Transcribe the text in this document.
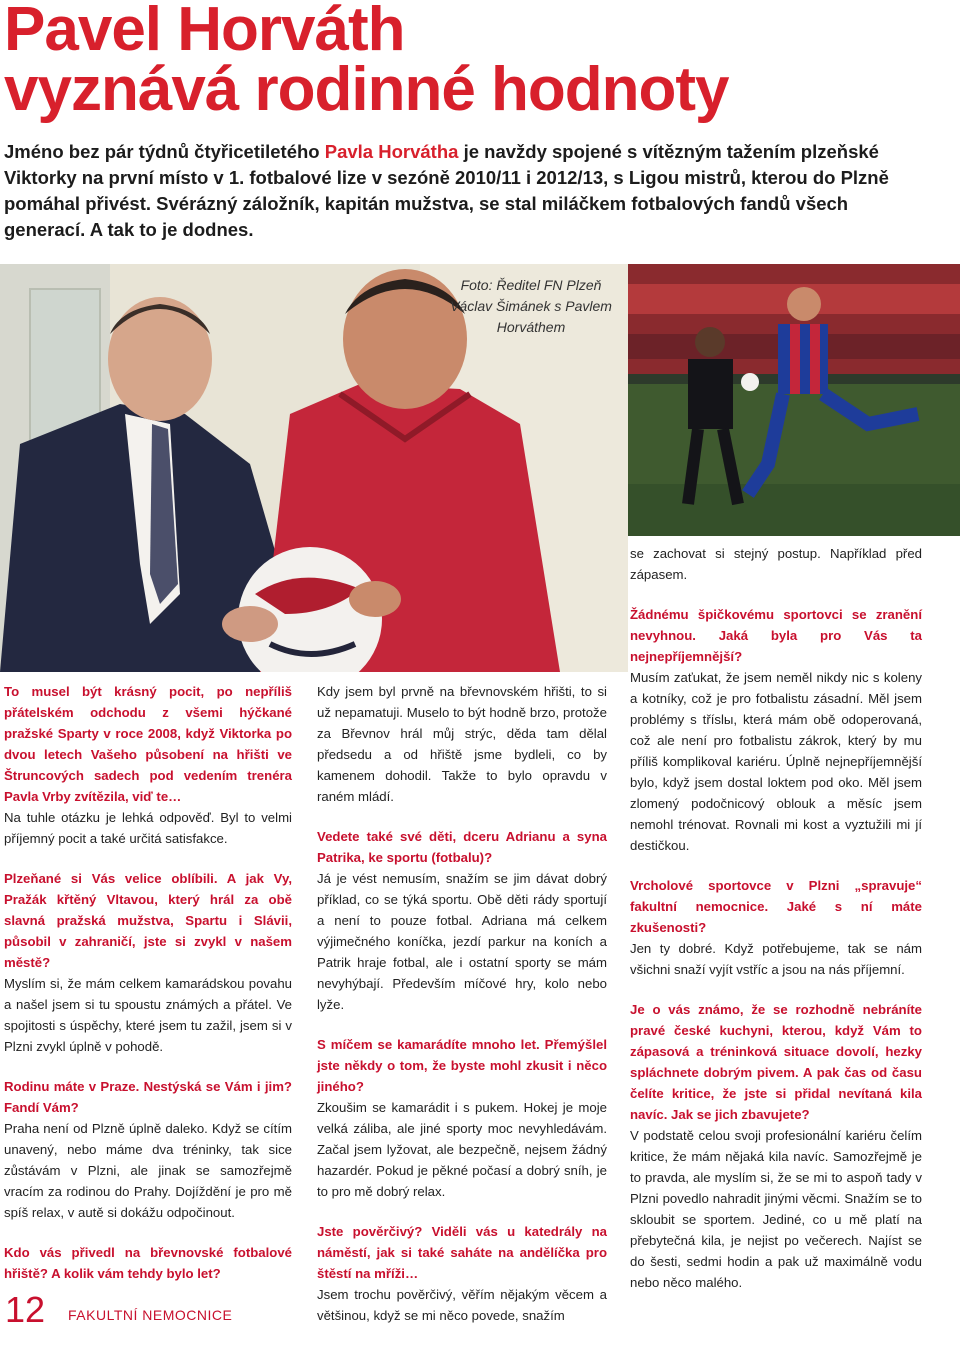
Pavel Horváth
vyznává rodinné hodnoty

Jméno bez pár týdnů čtyřicetiletého Pavla Horvátha je navždy spojené s vítězným tažením plzeňské Viktorky na první místo v 1. fotbalové lize v sezóně 2010/11 i 2012/13, s Ligou mistrů, kterou do Plzně pomáhal přivést. Svérázný záložník, kapitán mužstva, se stal miláčkem fotbalových fandů všech generací. A tak to je dodnes.

Foto: Ředitel FN Plzeň Václav Šimánek s Pavlem Horváthem

To musel být krásný pocit, po nepříliš přátelském odchodu z všemi hýčkané pražské Sparty v roce 2008, když Viktorka po dvou letech Vašeho působení na hřišti ve Štruncových sadech pod vedením trenéra Pavla Vrby zvítězila, viď te…
Na tuhle otázku je lehká odpověď. Byl to velmi příjemný pocit a také určitá satisfakce.

Plzeňané si Vás velice oblíbili. A jak Vy, Pražák křtěný Vltavou, který hrál za obě slavná pražská mužstva, Spartu i Slávii, působil v zahraničí, jste si zvykl v našem městě?
Myslím si, že mám celkem kamarádskou povahu a našel jsem si tu spoustu známých a přátel. Ve spojitosti s úspěchy, které jsem tu zažil, jsem si v Plzni zvykl úplně v pohodě.

Rodinu máte v Praze. Nestýská se Vám i jim? Fandí Vám?
Praha není od Plzně úplně daleko. Když se cítím unavený, nebo máme dva tréninky, tak sice zůstávám v Plzni, ale jinak se samozřejmě vracím za rodinou do Prahy. Dojíždění je pro mě spíš relax, v autě si dokážu odpočinout.

Kdo vás přivedl na břevnovské fotbalové hřiště? A kolik vám tehdy bylo let?

Kdy jsem byl prvně na břevnovském hřišti, to si už nepamatuji. Muselo to být hodně brzo, protože za Břevnov hrál můj strýc, děda tam dělal předsedu a od hřiště jsme bydleli, co by kamenem dohodil. Takže to bylo opravdu v raném mládí.

Vedete také své děti, dceru Adrianu a syna Patrika, ke sportu (fotbalu)?
Já je vést nemusím, snažím se jim dávat dobrý příklad, co se týká sportu. Obě děti rády sportují a není to pouze fotbal. Adriana má celkem výjimečného koníčka, jezdí parkur na koních a Patrik hraje fotbal, ale i ostatní sporty se mám nevyhýbají. Především míčové hry, kolo nebo lyže.

S míčem se kamarádíte mnoho let. Přemýšlel jste někdy o tom, že byste mohl zkusit i něco jiného?
Zkoušim se kamarádit i s pukem. Hokej je moje velká záliba, ale jiné sporty moc nevyhledávám. Začal jsem lyžovat, ale bezpečně, nejsem žádný hazardér. Pokud je pěkné počasí a dobrý sníh, je to pro mě dobrý relax.

Jste pověrčivý? Viděli vás u katedrály na náměstí, jak si také saháte na andělíčka pro štěstí na mříži…
Jsem trochu pověrčivý, věřím nějakým věcem a většinou, když se mi něco povede, snažím

se zachovat si stejný postup. Například před zápasem.

Žádnému špičkovému sportovci se zranění nevyhnou. Jaká byla pro Vás ta nejnepříjemnější?
Musím zaťukat, že jsem neměl nikdy nic s koleny a kotníky, což je pro fotbalistu zásadní. Měl jsem problémy s tříslы, která mám obě odoperovaná, což ale není pro fotbalistu zákrok, který by mu příliš komplikoval kariéru. Úplně nejnepříjemnější bylo, když jsem dostal loktem pod oko. Měl jsem zlomený podočnicový oblouk a měsíc jsem nemohl trénovat. Rovnali mi kost a vyztužili mi jí destičkou.

Vrcholové sportovce v Plzni „spravuje“ fakultní nemocnice. Jaké s ní máte zkušenosti?
Jen ty dobré. Když potřebujeme, tak se nám všichni snaží vyjít vstříc a jsou na nás příjemní.

Je o vás známo, že se rozhodně nebráníte pravé české kuchyni, kterou, když Vám to zápasová a tréninková situace dovolí, hezky spláchnete dobrým pivem. A pak čas od času čelíte kritice, že jste si přidal nevítaná kila navíc. Jak se jich zbavujete?
V podstatě celou svoji profesionální kariéru čelím kritice, že mám nějaká kila navíc. Samozřejmě je to pravda, ale myslím si, že se mi to aspoň tady v Plzni povedlo nahradit jinými věcmi. Snažím se to skloubit se sportem. Jediné, co u mě platí na přebytečná kila, je nejist po večerech. Najíst se do šesti, sedmi hodin a pak už maximálně vodu nebo něco malého.

12 FAKULTNÍ NEMOCNICE
